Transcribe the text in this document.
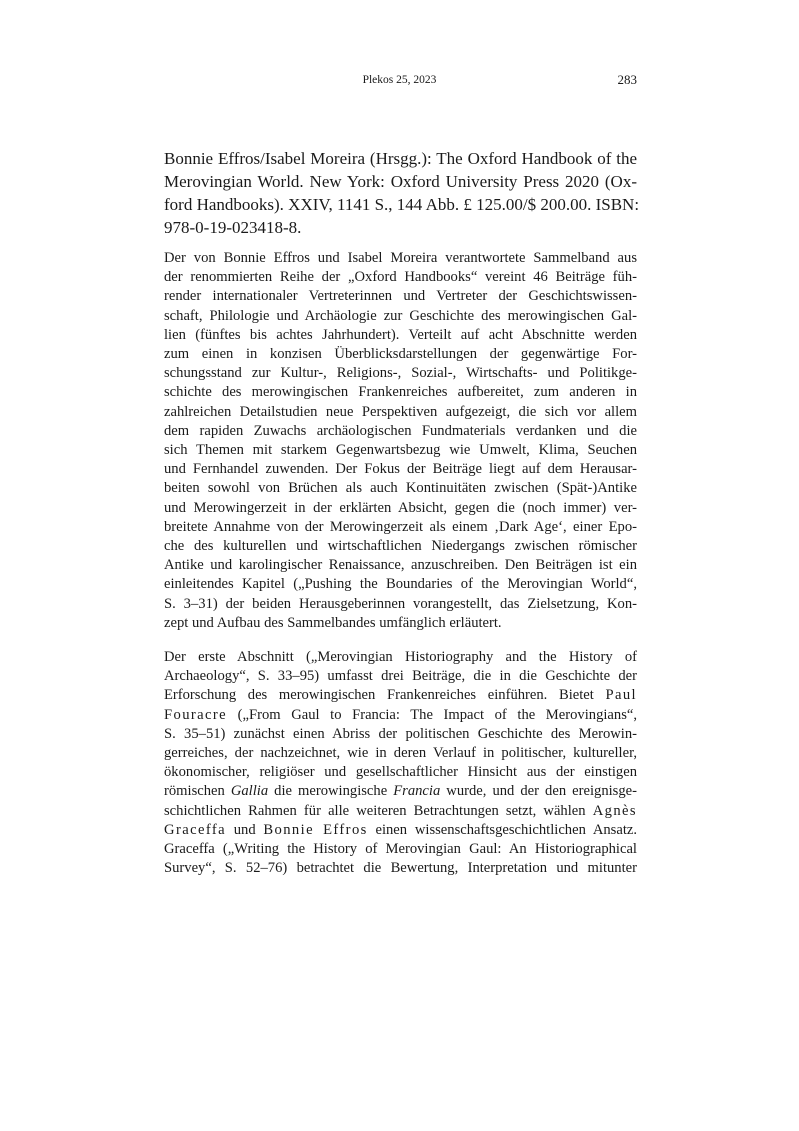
Plekos 25, 2023	283
Bonnie Effros/Isabel Moreira (Hrsgg.): The Oxford Handbook of the
Merovingian World. New York: Oxford University Press 2020 (Ox-
ford Handbooks). XXIV, 1141 S., 144 Abb. £ 125.00/$ 200.00. ISBN:
978-0-19-023418-8.
Der von Bonnie Effros und Isabel Moreira verantwortete Sammelband aus
der renommierten Reihe der „Oxford Handbooks“ vereint 46 Beiträge füh-
render internationaler Vertreterinnen und Vertreter der Geschichtswissen-
schaft, Philologie und Archäologie zur Geschichte des merowingischen Gal-
lien (fünftes bis achtes Jahrhundert). Verteilt auf acht Abschnitte werden
zum einen in konzisen Überblicksdarstellungen der gegenwärtige For-
schungsstand zur Kultur-, Religions-, Sozial-, Wirtschafts- und Politikge-
schichte des merowingischen Frankenreiches aufbereitet, zum anderen in
zahlreichen Detailstudien neue Perspektiven aufgezeigt, die sich vor allem
dem rapiden Zuwachs archäologischen Fundmaterials verdanken und die
sich Themen mit starkem Gegenwartsbezug wie Umwelt, Klima, Seuchen
und Fernhandel zuwenden. Der Fokus der Beiträge liegt auf dem Herausar-
beiten sowohl von Brüchen als auch Kontinuitäten zwischen (Spät-)Antike
und Merowingerzeit in der erklärten Absicht, gegen die (noch immer) ver-
breitete Annahme von der Merowingerzeit als einem ‚Dark Age‘, einer Epo-
che des kulturellen und wirtschaftlichen Niedergangs zwischen römischer
Antike und karolingischer Renaissance, anzuschreiben. Den Beiträgen ist ein
einleitendes Kapitel („Pushing the Boundaries of the Merovingian World“,
S. 3–31) der beiden Herausgeberinnen vorangestellt, das Zielsetzung, Kon-
zept und Aufbau des Sammelbandes umfänglich erläutert.
Der erste Abschnitt („Merovingian Historiography and the History of
Archaeology“, S. 33–95) umfasst drei Beiträge, die in die Geschichte der
Erforschung des merowingischen Frankenreiches einführen. Bietet Paul
Fouracre („From Gaul to Francia: The Impact of the Merovingians“,
S. 35–51) zunächst einen Abriss der politischen Geschichte des Merowin-
gerreiches, der nachzeichnet, wie in deren Verlauf in politischer, kultureller,
ökonomischer, religiöser und gesellschaftlicher Hinsicht aus der einstigen
römischen Gallia die merowingische Francia wurde, und der den ereignisge-
schichtlichen Rahmen für alle weiteren Betrachtungen setzt, wählen Agnès
Graceffa und Bonnie Effros einen wissenschaftsgeschichtlichen Ansatz.
Graceffa („Writing the History of Merovingian Gaul: An Historiographical
Survey“, S. 52–76) betrachtet die Bewertung, Interpretation und mitunter
